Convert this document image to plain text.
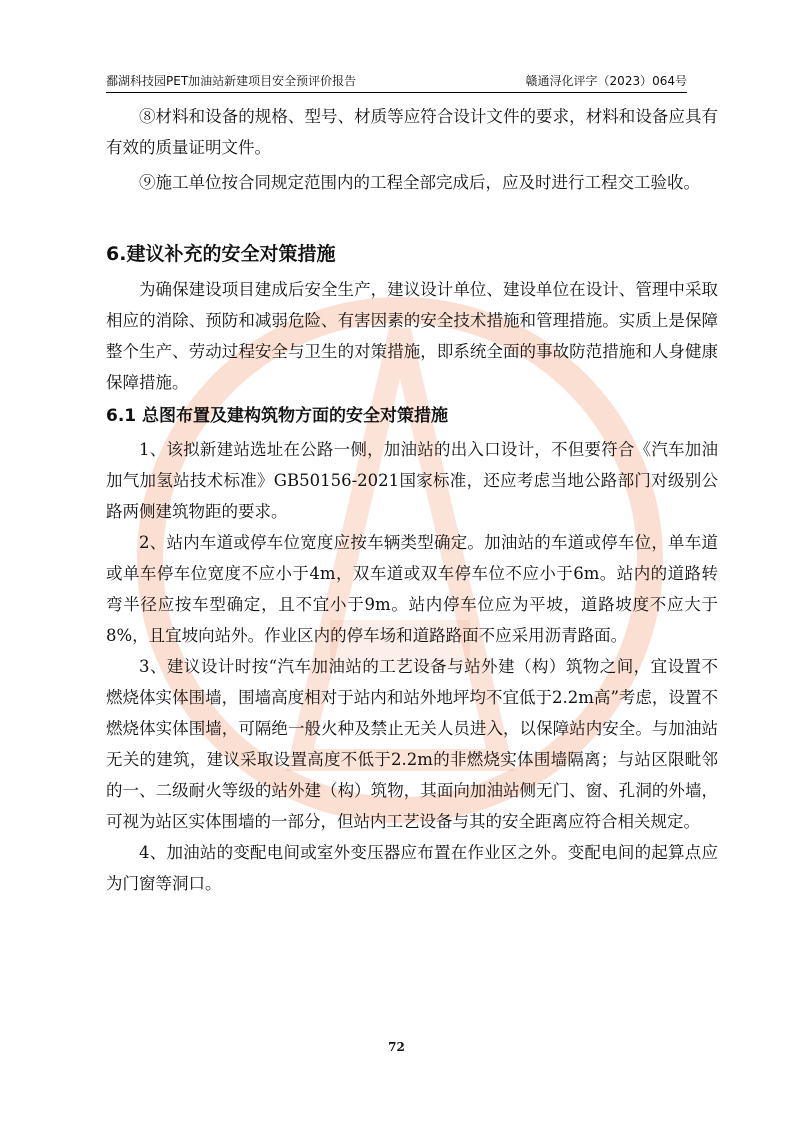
鄱湖科技园PET加油站新建项目安全预评价报告	赣通浔化评字（2023）064号

⑧材料和设备的规格、型号、材质等应符合设计文件的要求，材料和设备应具有有效的质量证明文件。

⑨施工单位按合同规定范围内的工程全部完成后，应及时进行工程交工验收。

6.建议补充的安全对策措施

为确保建设项目建成后安全生产，建议设计单位、建设单位在设计、管理中采取相应的消除、预防和减弱危险、有害因素的安全技术措施和管理措施。实质上是保障整个生产、劳动过程安全与卫生的对策措施，即系统全面的事故防范措施和人身健康保障措施。

6.1 总图布置及建构筑物方面的安全对策措施

1、该拟新建站选址在公路一侧，加油站的出入口设计，不但要符合《汽车加油加气加氢站技术标准》GB50156-2021国家标准，还应考虑当地公路部门对级别公路两侧建筑物距的要求。

2、站内车道或停车位宽度应按车辆类型确定。加油站的车道或停车位，单车道或单车停车位宽度不应小于4m，双车道或双车停车位不应小于6m。站内的道路转弯半径应按车型确定，且不宜小于9m。站内停车位应为平坡，道路坡度不应大于8%，且宜坡向站外。作业区内的停车场和道路路面不应采用沥青路面。

3、建议设计时按“汽车加油站的工艺设备与站外建（构）筑物之间，宜设置不燃烧体实体围墙，围墙高度相对于站内和站外地坪均不宜低于2.2m高”考虑，设置不燃烧体实体围墙，可隔绝一般火种及禁止无关人员进入，以保障站内安全。与加油站无关的建筑，建议采取设置高度不低于2.2m的非燃烧实体围墙隔离；与站区限毗邻的一、二级耐火等级的站外建（构）筑物，其面向加油站侧无门、窗、孔洞的外墙，可视为站区实体围墙的一部分，但站内工艺设备与其的安全距离应符合相关规定。

4、加油站的变配电间或室外变压器应布置在作业区之外。变配电间的起算点应为门窗等洞口。

72
